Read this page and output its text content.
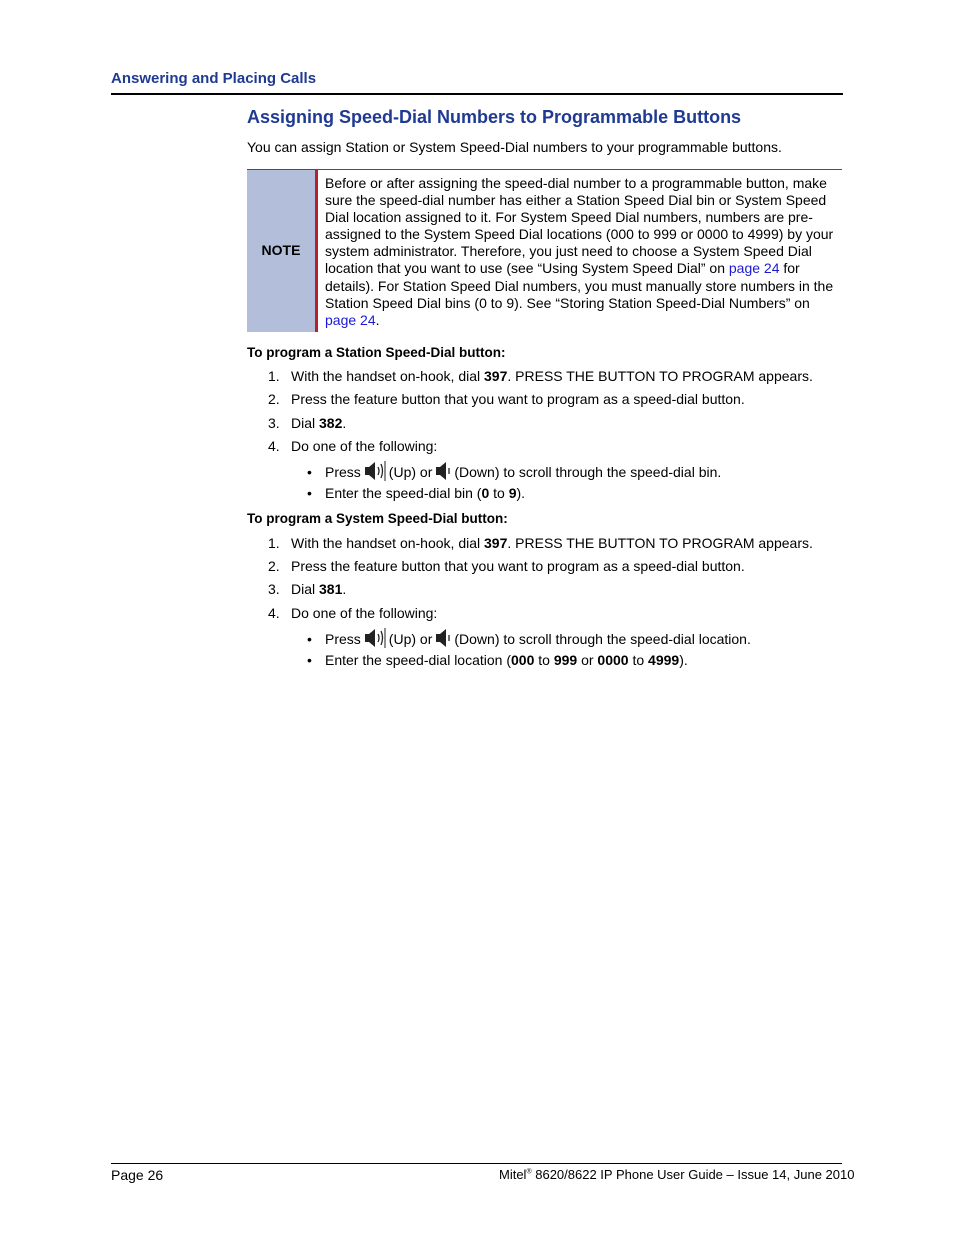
Answering and Placing Calls
Assigning Speed-Dial Numbers to Programmable Buttons
You can assign Station or System Speed-Dial numbers to your programmable buttons.
NOTE
Before or after assigning the speed-dial number to a programmable button, make sure the speed-dial number has either a Station Speed Dial bin or System Speed Dial location assigned to it. For System Speed Dial numbers, numbers are pre-assigned to the System Speed Dial locations (000 to 999 or 0000 to 4999) by your system administrator. Therefore, you just need to choose a System Speed Dial location that you want to use (see “Using System Speed Dial” on page 24 for details). For Station Speed Dial numbers, you must manually store numbers in the Station Speed Dial bins (0 to 9). See “Storing Station Speed-Dial Numbers” on page 24.
To program a Station Speed-Dial button:
1. With the handset on-hook, dial 397. PRESS THE BUTTON TO PROGRAM appears.
2. Press the feature button that you want to program as a speed-dial button.
3. Dial 382.
4. Do one of the following:
• Press (Up) or (Down) to scroll through the speed-dial bin.
• Enter the speed-dial bin (0 to 9).
To program a System Speed-Dial button:
1. With the handset on-hook, dial 397. PRESS THE BUTTON TO PROGRAM appears.
2. Press the feature button that you want to program as a speed-dial button.
3. Dial 381.
4. Do one of the following:
• Press (Up) or (Down) to scroll through the speed-dial location.
• Enter the speed-dial location (000 to 999 or 0000 to 4999).
Page 26	Mitel® 8620/8622 IP Phone User Guide – Issue 14, June 2010
